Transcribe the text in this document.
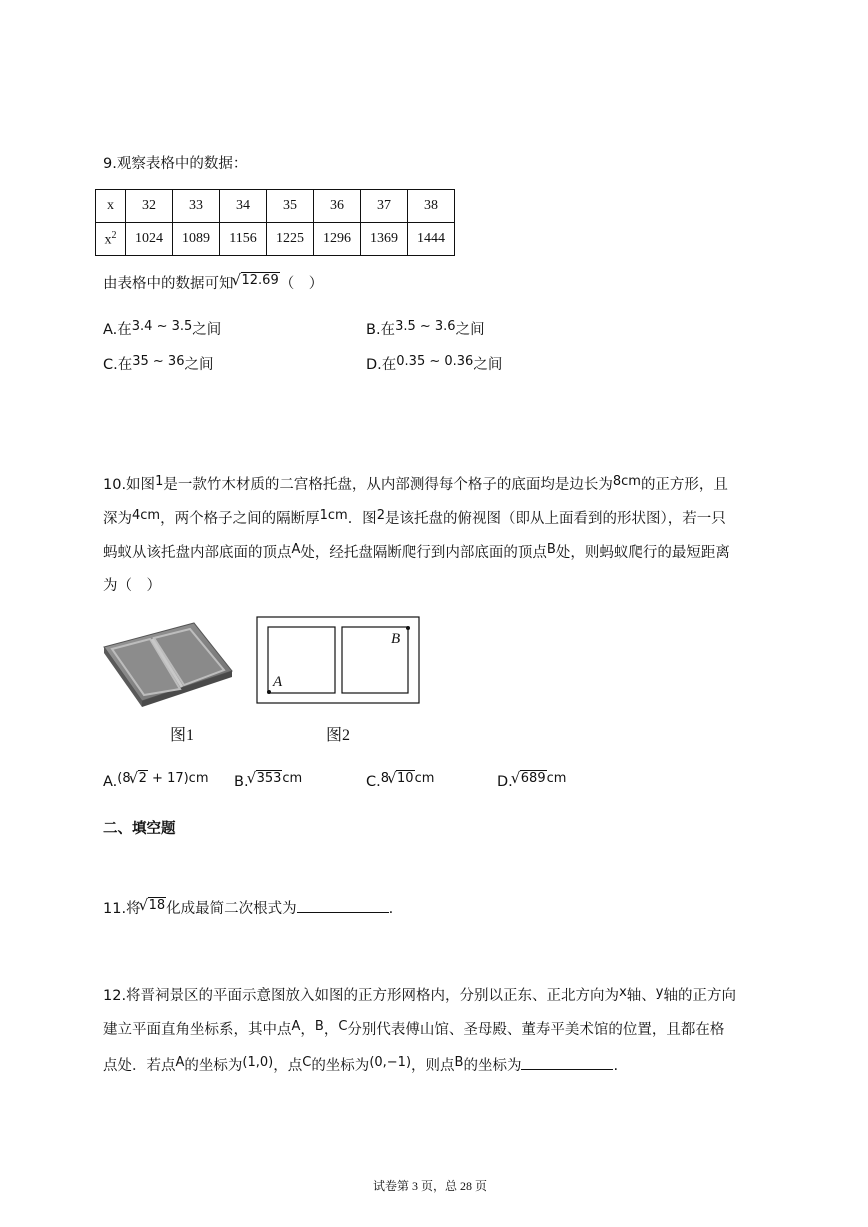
9.观察表格中的数据：
x	32	33	34	35	36	37	38
$x^2$	1024	1089	1156	1225	1296	1369	1444
由表格中的数据可知 √ 12.69（　）
A.在3.4 ~ 3.5之间	B.在3.5 ~ 3.6之间
C.在35 ~ 36之间	D.在0.35 ~ 0.36之间
10.如图1是一款竹木材质的二宫格托盘，从内部测得每个格子的底面均是边长为8cm的正方形，且
深为4cm，两个格子之间的隔断厚1cm．图2是该托盘的俯视图（即从上面看到的形状图），若一只
蚂蚁从该托盘内部底面的顶点A处，经托盘隔断爬行到内部底面的顶点B处，则蚂蚁爬行的最短距离
为（　）
A
B
图1	图2
A.(8 √ 2 + 17)cm B. √ 353cm	C.8 √ 10cm	D. √ 689cm
二、填空题
11.将 √ 18化成最简二次根式为	.
12.将晋祠景区的平面示意图放入如图的正方形网格内，分别以正东、正北方向为x轴、y轴的正方向
建立平面直角坐标系，其中点A，B，C分别代表傅山馆、圣母殿、董寿平美术馆的位置，且都在格
点处．若点A的坐标为(1,0)，点C的坐标为(0,−1)，则点B的坐标为	.
试卷第 3 页，总 28 页
